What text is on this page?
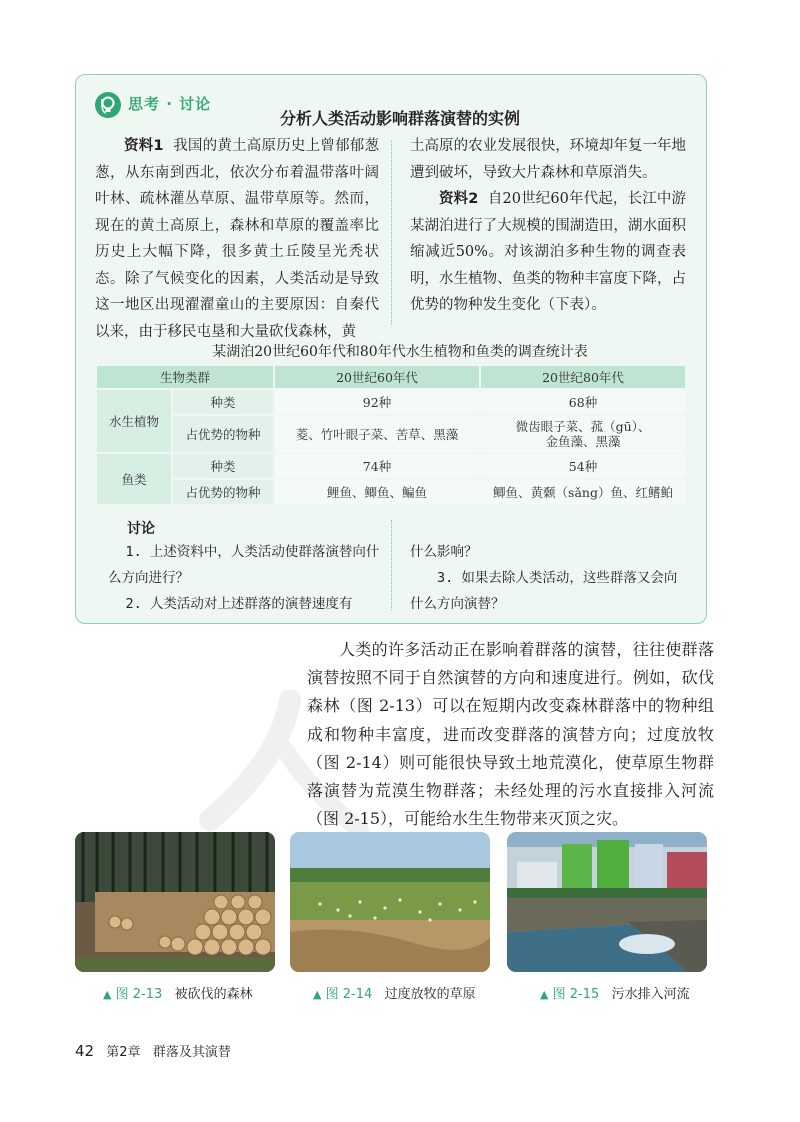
思考 · 讨论
分析人类活动影响群落演替的实例

资料1 我国的黄土高原历史上曾郁郁葱葱，从东南到西北，依次分布着温带落叶阔叶林、疏林灌丛草原、温带草原等。然而，现在的黄土高原上，森林和草原的覆盖率比历史上大幅下降，很多黄土丘陵呈光秃状态。除了气候变化的因素，人类活动是导致这一地区出现濯濯童山的主要原因：自秦代以来，由于移民屯垦和大量砍伐森林，黄

土高原的农业发展很快，环境却年复一年地遭到破坏，导致大片森林和草原消失。

资料2 自20世纪60年代起，长江中游某湖泊进行了大规模的围湖造田，湖水面积缩减近50%。对该湖泊多种生物的调查表明，水生植物、鱼类的物种丰富度下降，占优势的物种发生变化（下表）。

某湖泊20世纪60年代和80年代水生植物和鱼类的调查统计表
生物类群		20世纪60年代	20世纪80年代
水生植物	种类	92种	68种
	占优势的物种	菱、竹叶眼子菜、苦草、黑藻	微齿眼子菜、菰（gū）、
金鱼藻、黑藻

鱼类	种类	74种	54种
	占优势的物种	鲤鱼、鲫鱼、鳊鱼	鲫鱼、黄颡（sǎng）鱼、红鳍鲌
讨论

1. 上述资料中，人类活动使群落演替向什么方向进行？

2. 人类活动对上述群落的演替速度有

什么影响？

3. 如果去除人类活动，这些群落又会向什么方向演替？

人类的许多活动正在影响着群落的演替，往往使群落演替按照不同于自然演替的方向和速度进行。例如，砍伐森林（图 2-13）可以在短期内改变森林群落中的物种组成和物种丰富度，进而改变群落的演替方向；过度放牧（图 2-14）则可能很快导致土地荒漠化，使草原生物群落演替为荒漠生物群落；未经处理的污水直接排入河流（图 2-15），可能给水生生物带来灭顶之灾。

▲ 图 2-13 被砍伐的森林	▲ 图 2-14 过度放牧的草原	▲ 图 2-15 污水排入河流
42 第2章 群落及其演替
